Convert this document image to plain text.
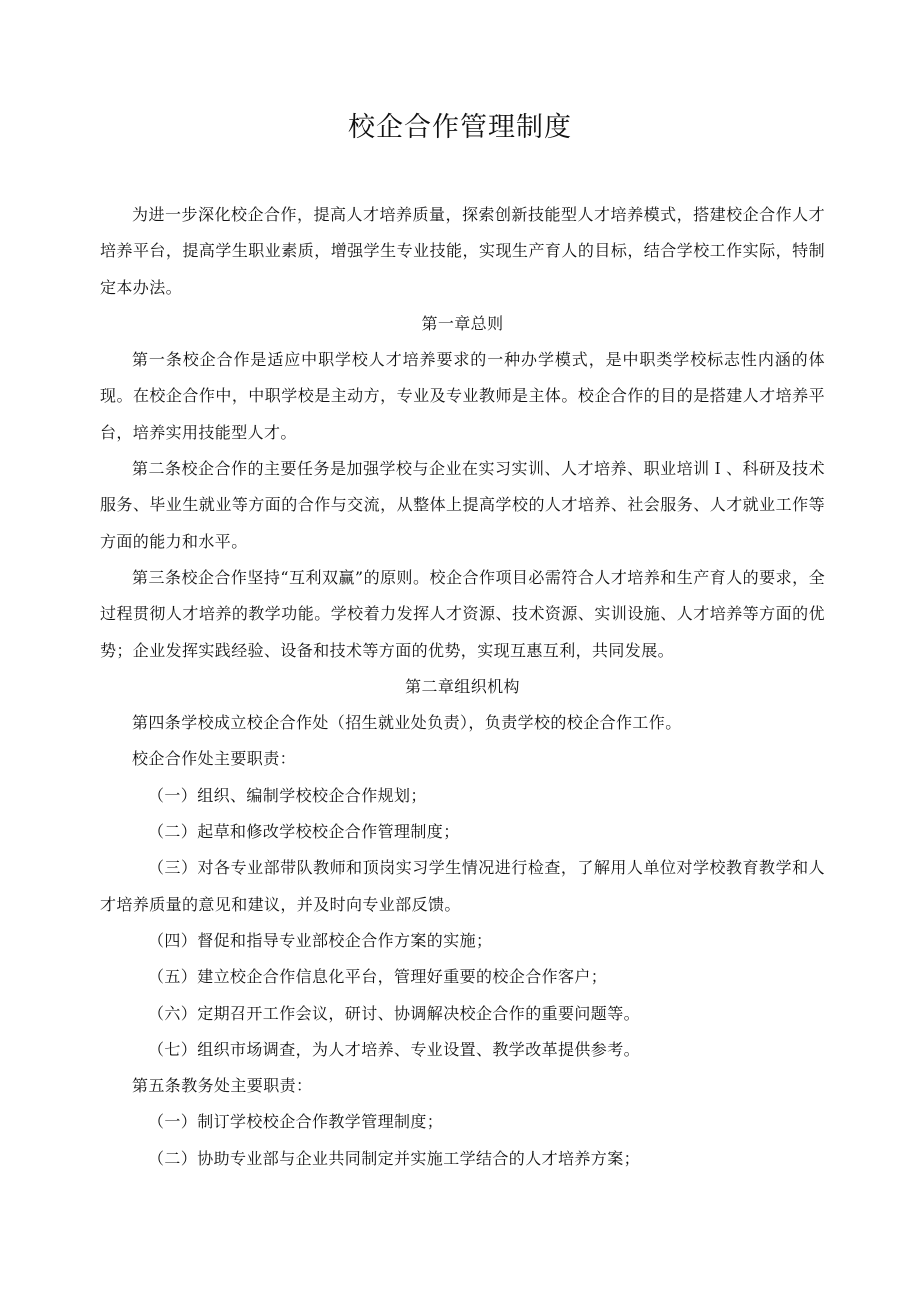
校企合作管理制度

为进一步深化校企合作，提高人才培养质量，探索创新技能型人才培养模式，搭建校企合作人才培养平台，提高学生职业素质，增强学生专业技能，实现生产育人的目标，结合学校工作实际，特制定本办法。

第一章总则

第一条校企合作是适应中职学校人才培养要求的一种办学模式，是中职类学校标志性内涵的体现。在校企合作中，中职学校是主动方，专业及专业教师是主体。校企合作的目的是搭建人才培养平台，培养实用技能型人才。

第二条校企合作的主要任务是加强学校与企业在实习实训、人才培养、职业培训Ｉ、科研及技术服务、毕业生就业等方面的合作与交流，从整体上提高学校的人才培养、社会服务、人才就业工作等方面的能力和水平。

第三条校企合作坚持“互利双赢”的原则。校企合作项目必需符合人才培养和生产育人的要求，全过程贯彻人才培养的教学功能。学校着力发挥人才资源、技术资源、实训设施、人才培养等方面的优势；企业发挥实践经验、设备和技术等方面的优势，实现互惠互利，共同发展。

第二章组织机构

第四条学校成立校企合作处（招生就业处负责），负责学校的校企合作工作。

校企合作处主要职责：

（一）组织、编制学校校企合作规划；

（二）起草和修改学校校企合作管理制度；

（三）对各专业部带队教师和顶岗实习学生情况进行检查，了解用人单位对学校教育教学和人才培养质量的意见和建议，并及时向专业部反馈。

（四）督促和指导专业部校企合作方案的实施；

（五）建立校企合作信息化平台，管理好重要的校企合作客户；

（六）定期召开工作会议，研讨、协调解决校企合作的重要问题等。

（七）组织市场调查，为人才培养、专业设置、教学改革提供参考。

第五条教务处主要职责：

（一）制订学校校企合作教学管理制度；

（二）协助专业部与企业共同制定并实施工学结合的人才培养方案；
